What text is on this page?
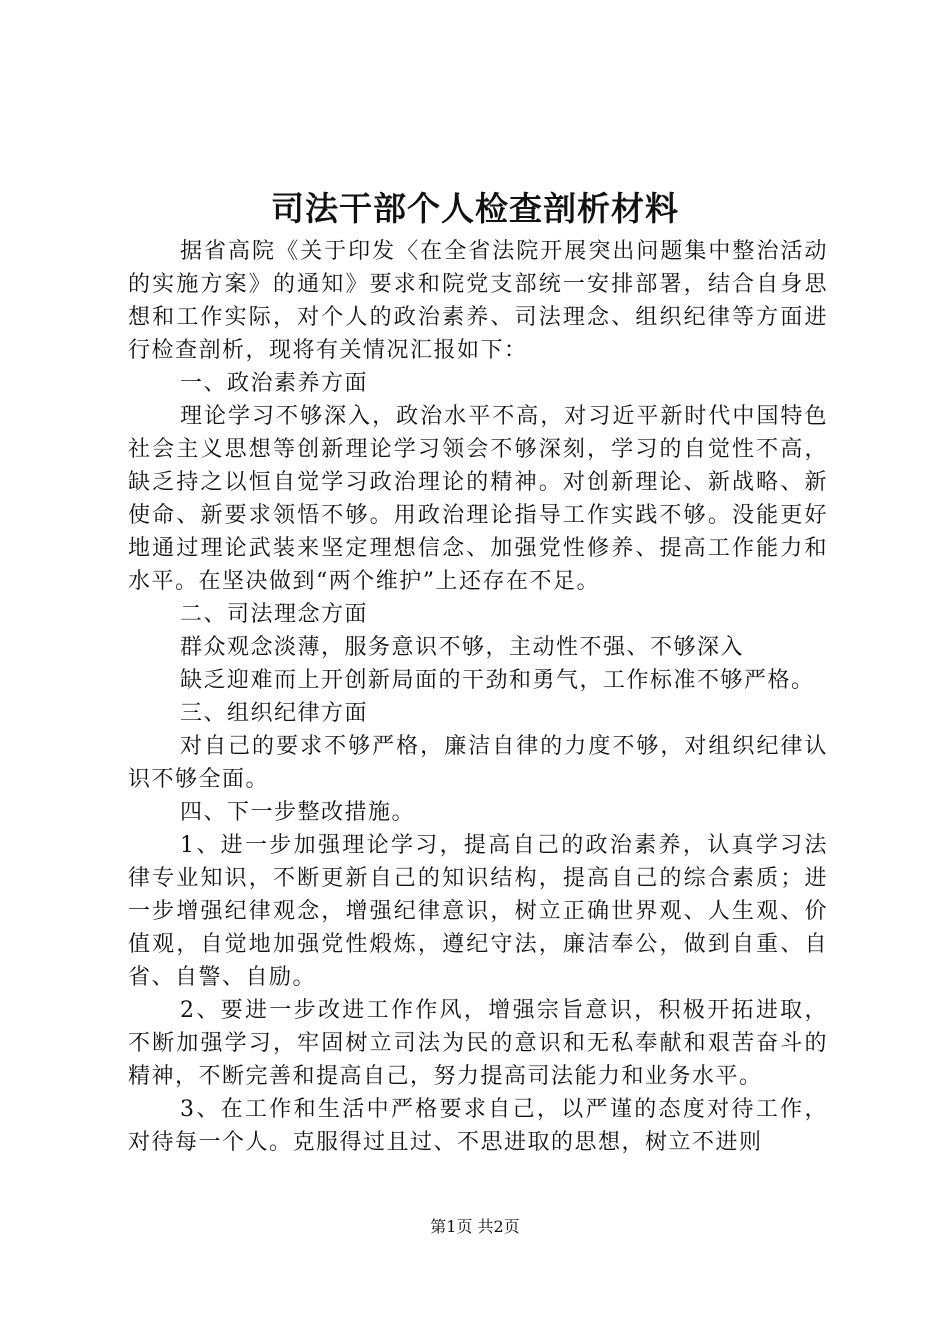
司法干部个人检查剖析材料

据省高院《关于印发〈在全省法院开展突出问题集中整治活动的实施方案》的通知》要求和院党支部统一安排部署，结合自身思想和工作实际，对个人的政治素养、司法理念、组织纪律等方面进行检查剖析，现将有关情况汇报如下：

一、政治素养方面

理论学习不够深入，政治水平不高，对习近平新时代中国特色社会主义思想等创新理论学习领会不够深刻，学习的自觉性不高，缺乏持之以恒自觉学习政治理论的精神。对创新理论、新战略、新使命、新要求领悟不够。用政治理论指导工作实践不够。没能更好地通过理论武装来坚定理想信念、加强党性修养、提高工作能力和水平。在坚决做到“两个维护”上还存在不足。

二、司法理念方面

群众观念淡薄，服务意识不够，主动性不强、不够深入

缺乏迎难而上开创新局面的干劲和勇气，工作标准不够严格。

三、组织纪律方面

对自己的要求不够严格，廉洁自律的力度不够，对组织纪律认识不够全面。

四、下一步整改措施。

1、进一步加强理论学习，提高自己的政治素养，认真学习法律专业知识，不断更新自己的知识结构，提高自己的综合素质；进一步增强纪律观念，增强纪律意识，树立正确世界观、人生观、价值观，自觉地加强党性煅炼，遵纪守法，廉洁奉公，做到自重、自省、自警、自励。

2、要进一步改进工作作风，增强宗旨意识，积极开拓进取，不断加强学习，牢固树立司法为民的意识和无私奉献和艰苦奋斗的精神，不断完善和提高自己，努力提高司法能力和业务水平。

3、在工作和生活中严格要求自己，以严谨的态度对待工作，对待每一个人。克服得过且过、不思进取的思想，树立不进则

第1页 共2页
